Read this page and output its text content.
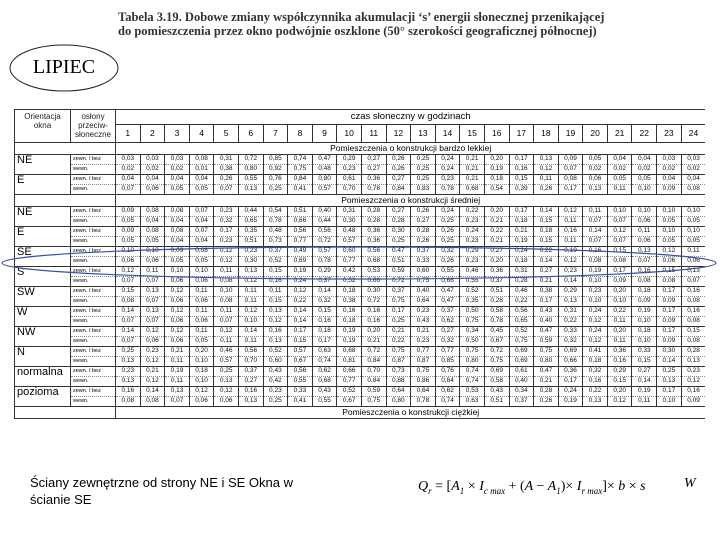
Tabela 3.19. Dobowe zmiany współczynnika akumulacji ‘s’ energii słonecznej przenikającej
do pomieszczenia przez okno podwójnie oszklone (50° szerokości geograficznej północnej)
LIPIEC
Orientacja okna	osłony przeciw-słoneczne	czas słoneczny w godzinach																							
		1	2	3	4	5	6	7	8	9	10	11	12	13	14	15	16	17	18	19	20	21	22	23	24
		Pomieszczenia o konstrukcji bardzo lekkiej																							
NE	zewn. / bez	0,03	0,03	0,03	0,08	0,31	0,72	0,85	0,74	0,47	0,29	0,27	0,26	0,25	0,24	0,21	0,20	0,17	0,13	0,09	0,05	0,04	0,04	0,03	0,03
	wewn.	0,02	0,02	0,02	0,01	0,38	0,80	0,92	0,75	0,48	0,23	0,27	0,26	0,25	0,24	0,21	0,19	0,16	0,12	0,07	0,02	0,02	0,02	0,02	0,02
E	zewn. / bez	0,04	0,04	0,04	0,04	0,26	0,55	0,76	0,84	0,80	0,61	0,36	0,27	0,25	0,23	0,21	0,18	0,15	0,11	0,08	0,06	0,05	0,05	0,04	0,04
	wewn.	0,07	0,06	0,05	0,05	0,07	0,13	0,25	0,41	0,57	0,70	0,78	0,84	0,83	0,78	0,68	0,54	0,39	0,26	0,17	0,13	0,11	0,10	0,09	0,08
		Pomieszczenia o konstrukcji średniej																							
NE	zewn. / bez	0,09	0,08	0,08	0,07	0,23	0,44	0,54	0,51	0,40	0,31	0,28	0,27	0,26	0,24	0,22	0,20	0,17	0,14	0,12	0,11	0,10	0,10	0,10	0,10
	wewn.	0,05	0,04	0,04	0,04	0,32	0,65	0,78	0,66	0,44	0,30	0,28	0,28	0,27	0,25	0,23	0,21	0,18	0,15	0,11	0,07	0,07	0,06	0,05	0,05
E	zewn. / bez	0,09	0,08	0,08	0,07	0,17	0,35	0,48	0,56	0,56	0,48	0,36	0,30	0,28	0,26	0,24	0,22	0,21	0,18	0,16	0,14	0,12	0,11	0,10	0,10
	wewn.	0,05	0,05	0,04	0,04	0,23	0,51	0,73	0,77	0,72	0,57	0,36	0,25	0,26	0,25	0,23	0,21	0,19	0,15	0,11	0,07	0,07	0,06	0,05	0,05
SE	zewn. / bez	0,10	0,10	0,09	0,08	0,12	0,23	0,37	0,49	0,57	0,60	0,56	0,47	0,37	0,32	0,29	0,27	0,24	0,22	0,19	0,16	0,15	0,13	0,12	0,11
	wewn.	0,06	0,06	0,05	0,05	0,12	0,30	0,52	0,69	0,78	0,77	0,68	0,51	0,33	0,26	0,23	0,20	0,18	0,14	0,12	0,08	0,08	0,07	0,06	0,06
S	zewn. / bez	0,12	0,11	0,10	0,10	0,11	0,13	0,15	0,19	0,29	0,42	0,53	0,59	0,60	0,55	0,46	0,36	0,31	0,27	0,23	0,19	0,17	0,16	0,15	0,13
	wewn.	0,07	0,07	0,06	0,06	0,08	0,12	0,16	0,24	0,37	0,52	0,66	0,72	0,75	0,66	0,55	0,37	0,28	0,21	0,14	0,10	0,09	0,08	0,08	0,07
SW	zewn. / bez	0,15	0,13	0,12	0,11	0,10	0,11	0,11	0,12	0,14	0,18	0,30	0,37	0,40	0,47	0,52	0,51	0,46	0,38	0,29	0,23	0,20	0,18	0,17	0,16
	wewn.	0,08	0,07	0,06	0,06	0,08	0,11	0,15	0,22	0,32	0,38	0,72	0,75	0,64	0,47	0,35	0,28	0,22	0,17	0,13	0,10	0,10	0,09	0,09	0,08
W	zewn. / bez	0,14	0,13	0,12	0,11	0,11	0,12	0,13	0,14	0,15	0,16	0,16	0,17	0,23	0,37	0,50	0,58	0,56	0,43	0,31	0,24	0,22	0,19	0,17	0,16
	wewn.	0,07	0,07	0,06	0,06	0,07	0,10	0,12	0,14	0,16	0,18	0,16	0,25	0,43	0,62	0,75	0,78	0,65	0,40	0,22	0,12	0,11	0,10	0,09	0,08
NW	zewn. / bez	0,14	0,12	0,12	0,11	0,12	0,14	0,16	0,17	0,18	0,19	0,20	0,21	0,21	0,27	0,34	0,45	0,52	0,47	0,33	0,24	0,20	0,18	0,17	0,15
	wewn.	0,07	0,06	0,06	0,05	0,11	0,11	0,13	0,15	0,17	0,19	0,21	0,22	0,23	0,32	0,50	0,67	0,75	0,59	0,32	0,12	0,11	0,10	0,09	0,08
N	zewn. / bez	0,25	0,23	0,21	0,20	0,46	0,56	0,52	0,57	0,63	0,68	0,72	0,75	0,77	0,77	0,75	0,72	0,69	0,75	0,69	0,41	0,36	0,33	0,30	0,28
	wewn.	0,13	0,12	0,11	0,10	0,57	0,70	0,60	0,67	0,74	0,81	0,84	0,87	0,87	0,85	0,80	0,75	0,69	0,80	0,66	0,18	0,16	0,15	0,14	0,13
normalna	zewn. / bez	0,23	0,21	0,19	0,18	0,25	0,37	0,43	0,56	0,62	0,66	0,70	0,73	0,75	0,76	0,74	0,69	0,61	0,47	0,36	0,32	0,29	0,27	0,25	0,23
	wewn.	0,13	0,12	0,11	0,10	0,13	0,27	0,42	0,55	0,68	0,77	0,84	0,88	0,86	0,84	0,74	0,58	0,40	0,21	0,17	0,16	0,15	0,14	0,13	0,12
pozioma	zewn. / bez	0,16	0,14	0,13	0,12	0,12	0,16	0,23	0,33	0,43	0,52	0,59	0,64	0,64	0,62	0,53	0,43	0,34	0,28	0,24	0,22	0,20	0,19	0,17	0,16
	wewn.	0,08	0,08	0,07	0,06	0,06	0,13	0,25	0,41	0,55	0,67	0,75	0,80	0,78	0,74	0,63	0,51	0,37	0,26	0,19	0,13	0,12	0,11	0,10	0,09
		Pomieszczenia o konstrukcji ciężkiej																							
Ściany zewnętrzne od strony NE i SE Okna w ścianie SE
$Q_r = [A_1 \times I_{c max} + (A - A_1)\times I_{r max}]\times b \times s$	W
